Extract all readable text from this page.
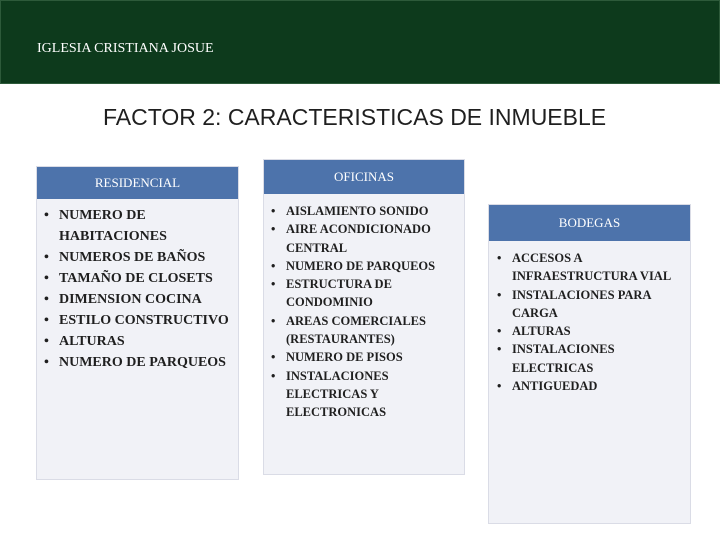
IGLESIA CRISTIANA JOSUE
FACTOR 2: CARACTERISTICAS DE INMUEBLE
RESIDENCIAL
• NUMERO DE HABITACIONES
• NUMEROS DE BAÑOS
• TAMAÑO DE CLOSETS
• DIMENSION COCINA
• ESTILO CONSTRUCTIVO
• ALTURAS
• NUMERO DE PARQUEOS
OFICINAS
• AISLAMIENTO SONIDO
• AIRE ACONDICIONADO CENTRAL
• NUMERO DE PARQUEOS
• ESTRUCTURA DE CONDOMINIO
• AREAS COMERCIALES (RESTAURANTES)
• NUMERO DE PISOS
• INSTALACIONES ELECTRICAS Y ELECTRONICAS
BODEGAS
• ACCESOS A INFRAESTRUCTURA VIAL
• INSTALACIONES PARA CARGA
• ALTURAS
• INSTALACIONES ELECTRICAS
• ANTIGUEDAD
